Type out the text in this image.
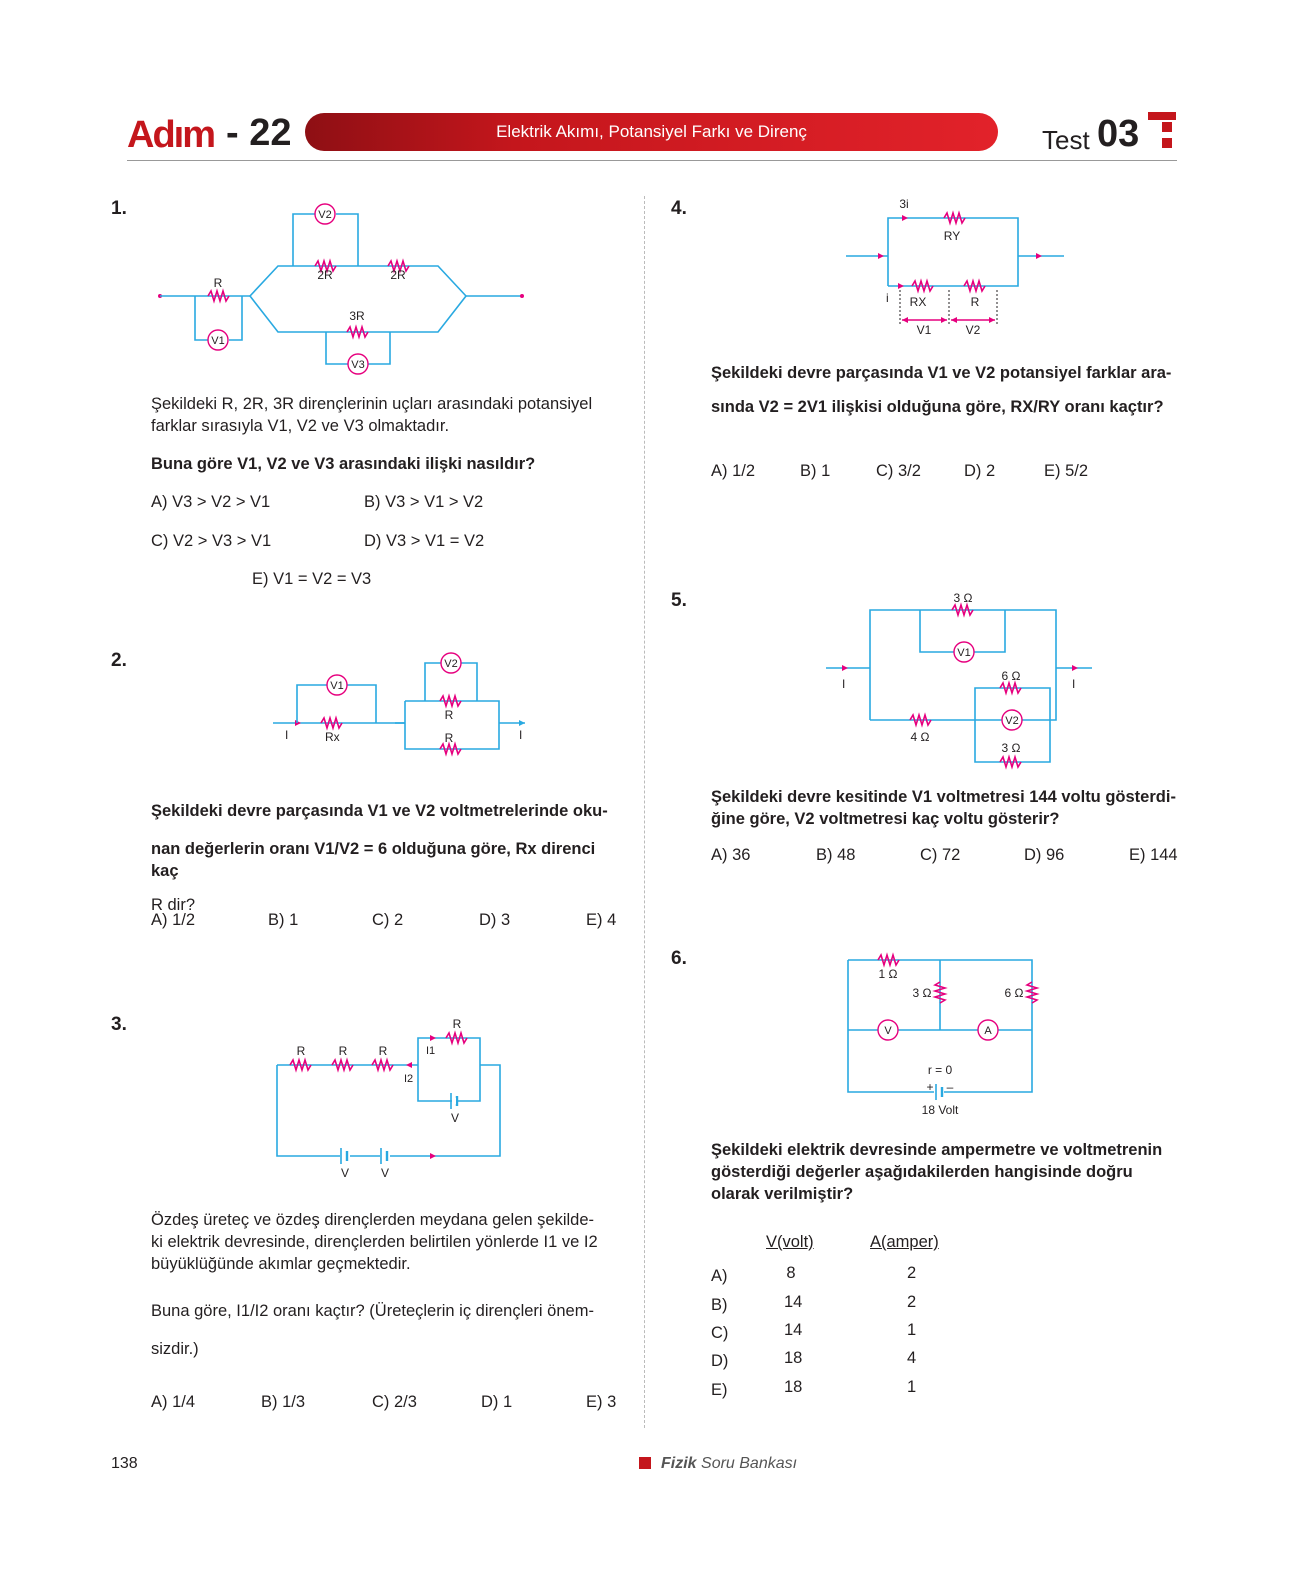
Adım - 22	Elektrik Akımı, Potansiyel Farkı ve Direnç	Test 03
1.
V1
R
2R	2R
V2
3R
V3
Şekildeki R, 2R, 3R dirençlerinin uçları arasındaki potansiyel
farklar sırasıyla V1, V2 ve V3 olmaktadır.
Buna göre V1, V2 ve V3 arasındaki ilişki nasıldır?
A) V3 > V2 > V1	B) V3 > V1 > V2
C) V2 > V3 > V1	D) V3 > V1 = V2
E) V1 = V2 = V3
2.
I	Rx
V1
I
R
R
V2
Şekildeki devre parçasında V1 ve V2 voltmetrelerinde oku-
nan değerlerin oranı V1/V2 = 6 olduğuna göre, Rx direnci kaç
R dir?
A) 1/2	B) 1	C) 2	D) 3	E) 4
3.
R	R	R
I2
R
I1
V
V	V
Özdeş üreteç ve özdeş dirençlerden meydana gelen şekilde-
ki elektrik devresinde, dirençlerden belirtilen yönlerde I1 ve I2
büyüklüğünde akımlar geçmektedir.
Buna göre, I1/I2 oranı kaçtır? (Üreteçlerin iç dirençleri önem-
sizdir.)
A) 1/4	B) 1/3	C) 2/3	D) 1	E) 3
4.	3i
RY
i RX	R
V1	V2
Şekildeki devre parçasında V1 ve V2 potansiyel farklar ara-
sında V2 = 2V1 ilişkisi olduğuna göre, RX/RY oranı kaçtır?
A) 1/2	B) 1	C) 3/2	D) 2	E) 5/2
5.
I	I
3 Ω
V1
4 Ω
6 Ω
V2
3 Ω
Şekildeki devre kesitinde V1 voltmetresi 144 voltu gösterdi-
ğine göre, V2 voltmetresi kaç voltu gösterir?
A) 36	B) 48	C) 72	D) 96	E) 144
6.
1 Ω
3 Ω	6 Ω
V	A
r = 0
+ –
18 Volt
Şekildeki elektrik devresinde ampermetre ve voltmetrenin
gösterdiği değerler aşağıdakilerden hangisinde doğru
olarak verilmiştir?
V(volt)	A(amper)
A)	8	2
B)	14	2
C)	14	1
D)	18	4
E)	18	1
138	Fizik Soru Bankası
